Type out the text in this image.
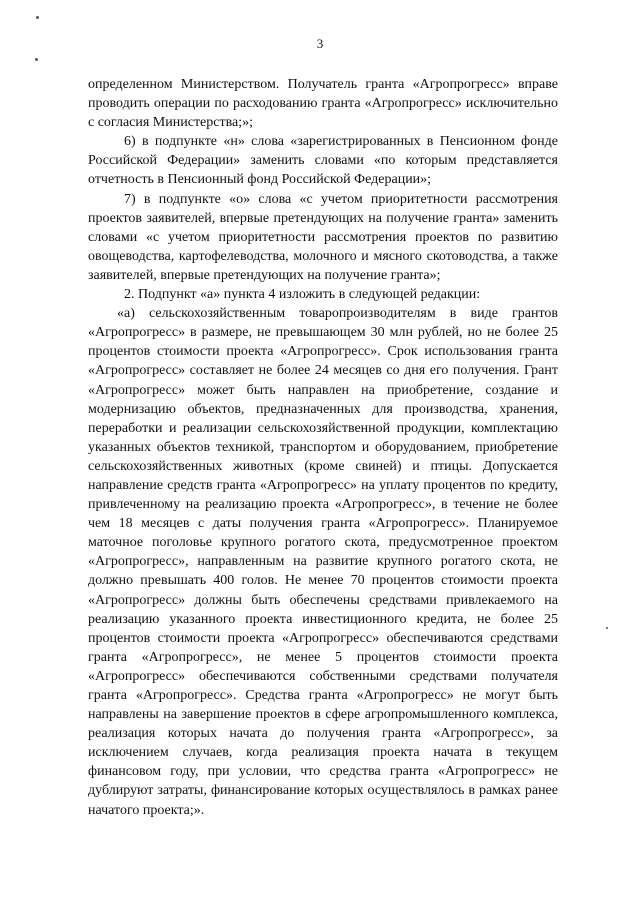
3

определенном Министерством. Получатель гранта «Агропрогресс» вправе проводить операции по расходованию гранта «Агропрогресс» исключительно с согласия Министерства;»;

6) в подпункте «н» слова «зарегистрированных в Пенсионном фонде Российской Федерации» заменить словами «по которым представляется отчетность в Пенсионный фонд Российской Федерации»;

7) в подпункте «о» слова «с учетом приоритетности рассмотрения проектов заявителей, впервые претендующих на получение гранта» заменить словами «с учетом приоритетности рассмотрения проектов по развитию овощеводства, картофелеводства, молочного и мясного скотоводства, а также заявителей, впервые претендующих на получение гранта»;

2. Подпункт «а» пункта 4 изложить в следующей редакции:

«а) сельскохозяйственным товаропроизводителям в виде грантов «Агропрогресс» в размере, не превышающем 30 млн рублей, но не более 25 процентов стоимости проекта «Агропрогресс». Срок использования гранта «Агропрогресс» составляет не более 24 месяцев со дня его получения. Грант «Агропрогресс» может быть направлен на приобретение, создание и модернизацию объектов, предназначенных для производства, хранения, переработки и реализации сельскохозяйственной продукции, комплектацию указанных объектов техникой, транспортом и оборудованием, приобретение сельскохозяйственных животных (кроме свиней) и птицы. Допускается направление средств гранта «Агропрогресс» на уплату процентов по кредиту, привлеченному на реализацию проекта «Агропрогресс», в течение не более чем 18 месяцев с даты получения гранта «Агропрогресс». Планируемое маточное поголовье крупного рогатого скота, предусмотренное проектом «Агропрогресс», направленным на развитие крупного рогатого скота, не должно превышать 400 голов. Не менее 70 процентов стоимости проекта «Агропрогресс» должны быть обеспечены средствами привлекаемого на реализацию указанного проекта инвестиционного кредита, не более 25 процентов стоимости проекта «Агропрогресс» обеспечиваются средствами гранта «Агропрогресс», не менее 5 процентов стоимости проекта «Агропрогресс» обеспечиваются собственными средствами получателя гранта «Агропрогресс». Средства гранта «Агропрогресс» не могут быть направлены на завершение проектов в сфере агропромышленного комплекса, реализация которых начата до получения гранта «Агропрогресс», за исключением случаев, когда реализация проекта начата в текущем финансовом году, при условии, что средства гранта «Агропрогресс» не дублируют затраты, финансирование которых осуществлялось в рамках ранее начатого проекта;».
